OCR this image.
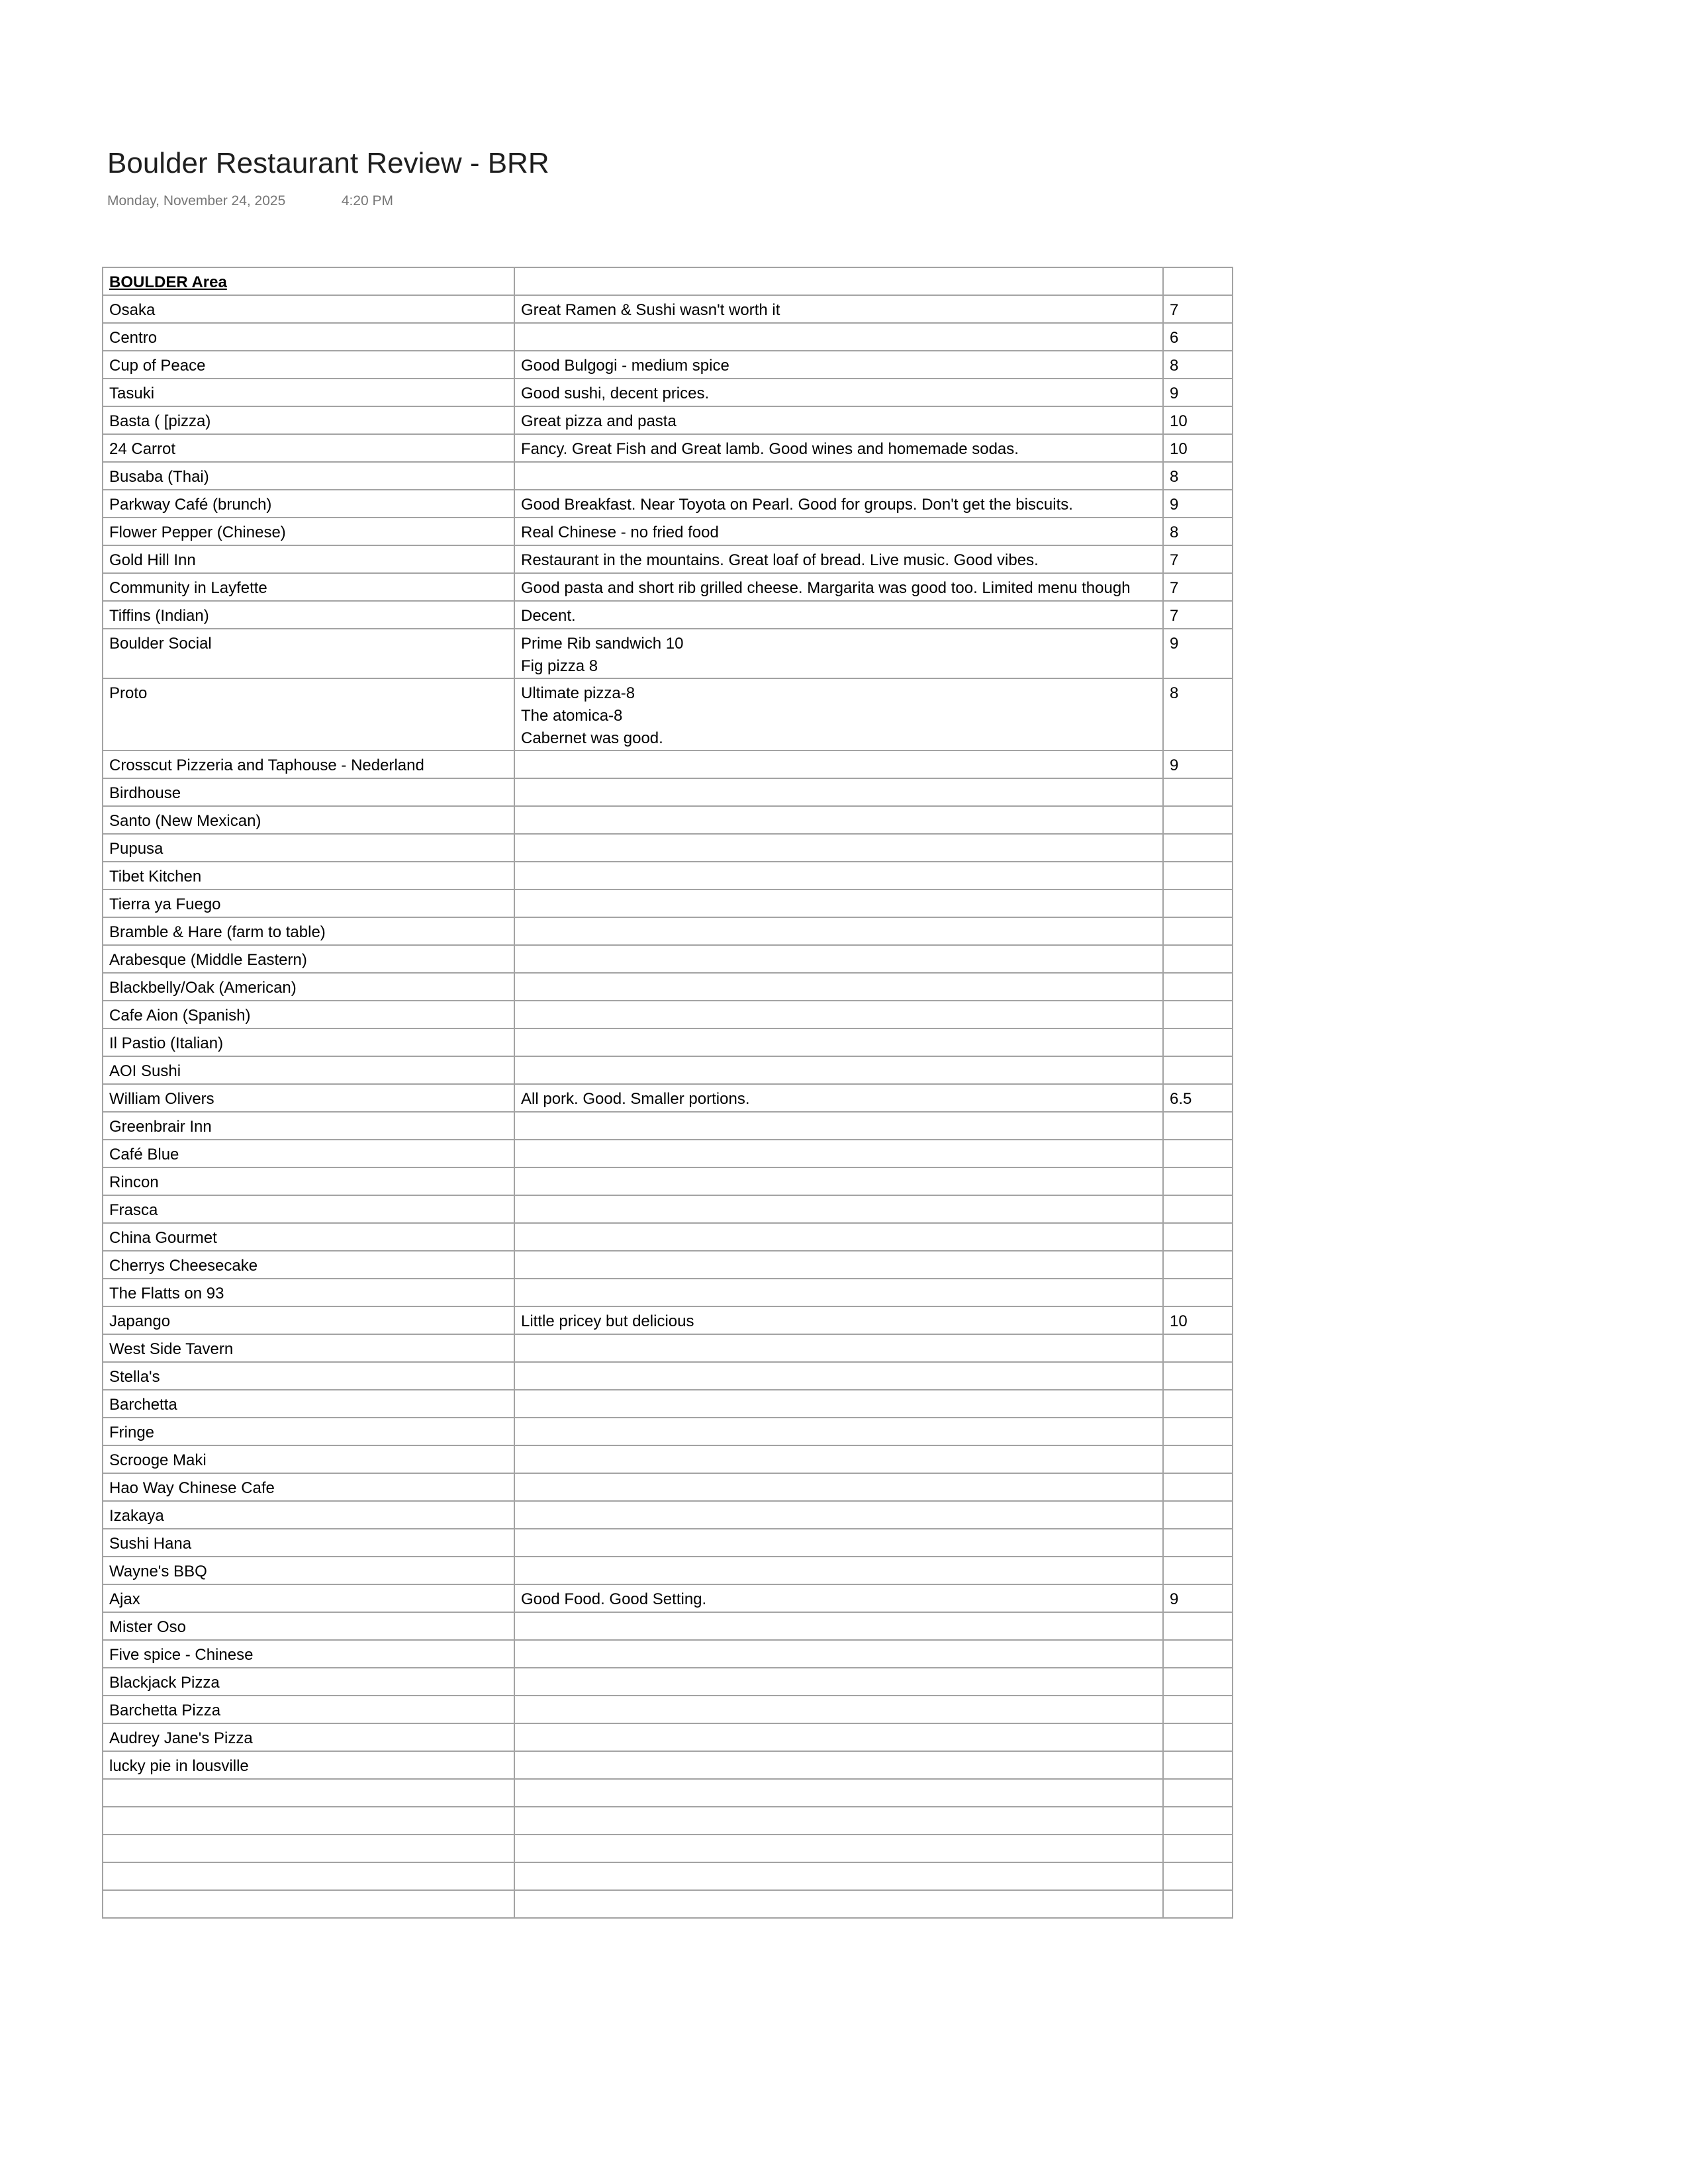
Boulder Restaurant Review - BRR
Monday, November 24, 2025	4:20 PM
BOULDER Area		
Osaka	Great Ramen & Sushi wasn't worth it	7
Centro		6
Cup of Peace	Good Bulgogi - medium spice	8
Tasuki	Good sushi, decent prices.	9
Basta ( [pizza)	Great pizza and pasta	10
24 Carrot	Fancy. Great Fish and Great lamb. Good wines and homemade sodas.	10
Busaba (Thai)		8
Parkway Café (brunch)	Good Breakfast. Near Toyota on Pearl. Good for groups. Don't get the biscuits.	9
Flower Pepper (Chinese)	Real Chinese - no fried food	8
Gold Hill Inn	Restaurant in the mountains. Great loaf of bread. Live music. Good vibes.	7
Community in Layfette	Good pasta and short rib grilled cheese. Margarita was good too. Limited menu though	7
Tiffins (Indian)	Decent.	7
Boulder Social	Prime Rib sandwich 10
Fig pizza 8	9
Proto	Ultimate pizza-8
The atomica-8
Cabernet was good.	8
Crosscut Pizzeria and Taphouse - Nederland		9
Birdhouse		
Santo (New Mexican)		
Pupusa		
Tibet Kitchen		
Tierra ya Fuego		
Bramble & Hare (farm to table)		
Arabesque (Middle Eastern)		
Blackbelly/Oak (American)		
Cafe Aion (Spanish)		
Il Pastio (Italian)		
AOI Sushi		
William Olivers	All pork. Good. Smaller portions.	6.5
Greenbrair Inn		
Café Blue		
Rincon		
Frasca		
China Gourmet		
Cherrys Cheesecake		
The Flatts on 93		
Japango	Little pricey but delicious	10
West Side Tavern		
Stella's		
Barchetta		
Fringe		
Scrooge Maki		
Hao Way Chinese Cafe		
Izakaya		
Sushi Hana		
Wayne's BBQ		
Ajax	Good Food. Good Setting.	9
Mister Oso		
Five spice - Chinese		
Blackjack Pizza		
Barchetta Pizza		
Audrey Jane's Pizza		
lucky pie in lousville		
